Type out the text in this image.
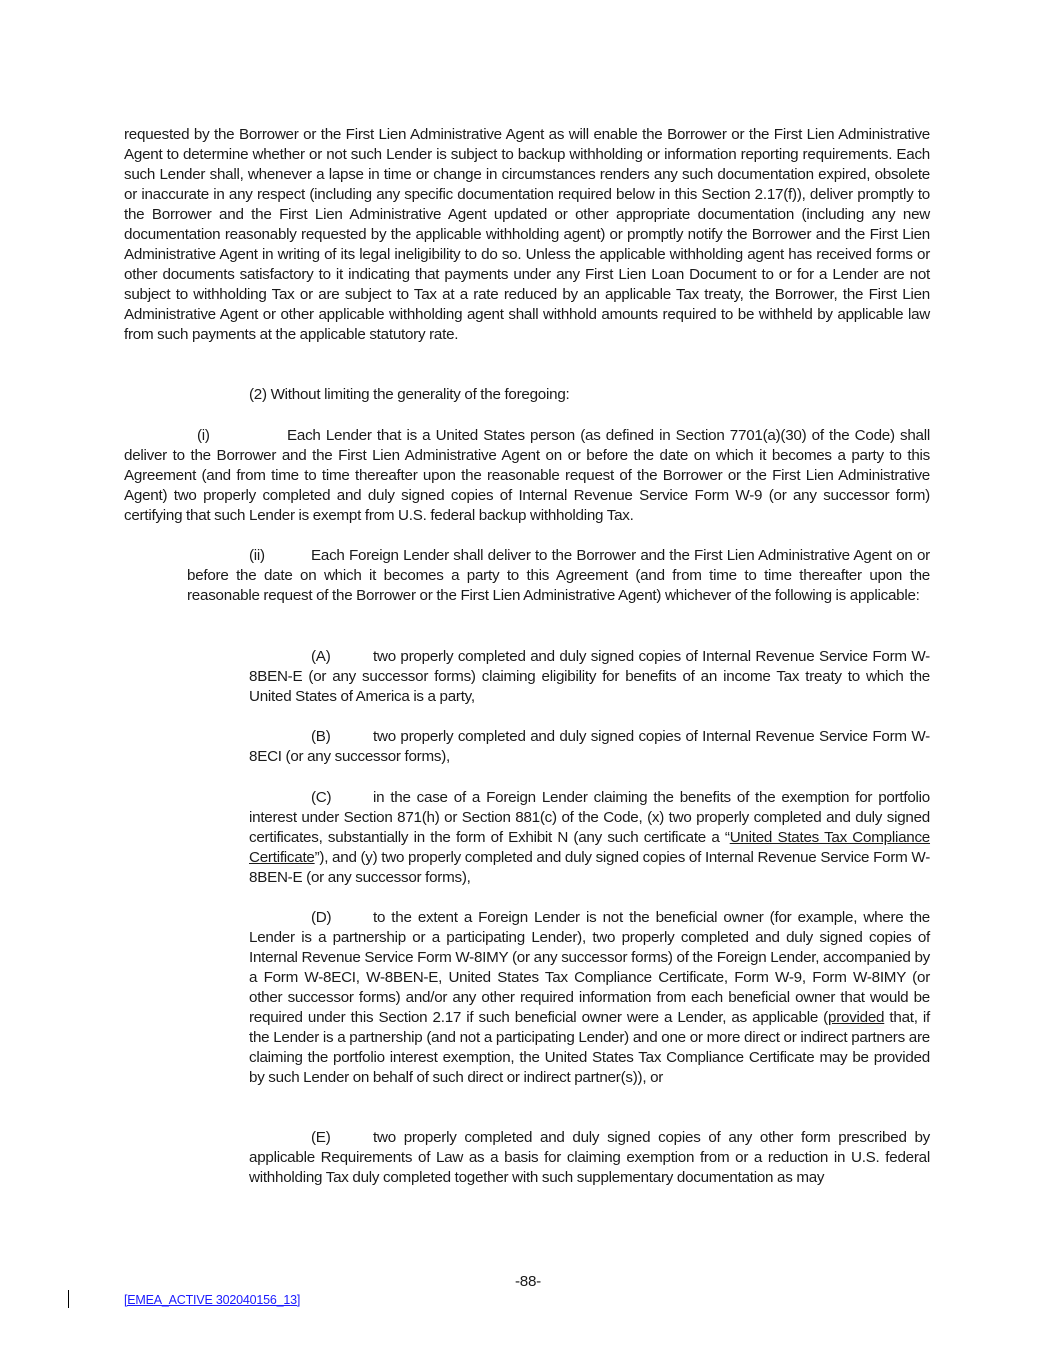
requested by the Borrower or the First Lien Administrative Agent as will enable the Borrower or the First Lien Administrative Agent to determine whether or not such Lender is subject to backup withholding or information reporting requirements. Each such Lender shall, whenever a lapse in time or change in circumstances renders any such documentation expired, obsolete or inaccurate in any respect (including any specific documentation required below in this Section 2.17(f)), deliver promptly to the Borrower and the First Lien Administrative Agent updated or other appropriate documentation (including any new documentation reasonably requested by the applicable withholding agent) or promptly notify the Borrower and the First Lien Administrative Agent in writing of its legal ineligibility to do so. Unless the applicable withholding agent has received forms or other documents satisfactory to it indicating that payments under any First Lien Loan Document to or for a Lender are not subject to withholding Tax or are subject to Tax at a rate reduced by an applicable Tax treaty, the Borrower, the First Lien Administrative Agent or other applicable withholding agent shall withhold amounts required to be withheld by applicable law from such payments at the applicable statutory rate.

(2) Without limiting the generality of the foregoing:

(i)	Each Lender that is a United States person (as defined in Section 7701(a)(30) of the Code) shall deliver to the Borrower and the First Lien Administrative Agent on or before the date on which it becomes a party to this Agreement (and from time to time thereafter upon the reasonable request of the Borrower or the First Lien Administrative Agent) two properly completed and duly signed copies of Internal Revenue Service Form W-9 (or any successor form) certifying that such Lender is exempt from U.S. federal backup withholding Tax.

(ii)	Each Foreign Lender shall deliver to the Borrower and the First Lien Administrative Agent on or before the date on which it becomes a party to this Agreement (and from time to time thereafter upon the reasonable request of the Borrower or the First Lien Administrative Agent) whichever of the following is applicable:

(A)	two properly completed and duly signed copies of Internal Revenue Service Form W-8BEN-E (or any successor forms) claiming eligibility for benefits of an income Tax treaty to which the United States of America is a party,

(B)	two properly completed and duly signed copies of Internal Revenue Service Form W-8ECI (or any successor forms),

(C)	in the case of a Foreign Lender claiming the benefits of the exemption for portfolio interest under Section 871(h) or Section 881(c) of the Code, (x) two properly completed and duly signed certificates, substantially in the form of Exhibit N (any such certificate a “United States Tax Compliance Certificate”), and (y) two properly completed and duly signed copies of Internal Revenue Service Form W-8BEN-E (or any successor forms),

(D)	to the extent a Foreign Lender is not the beneficial owner (for example, where the Lender is a partnership or a participating Lender), two properly completed and duly signed copies of Internal Revenue Service Form W-8IMY (or any successor forms) of the Foreign Lender, accompanied by a Form W-8ECI, W-8BEN-E, United States Tax Compliance Certificate, Form W-9, Form W-8IMY (or other successor forms) and/or any other required information from each beneficial owner that would be required under this Section 2.17 if such beneficial owner were a Lender, as applicable (provided that, if the Lender is a partnership (and not a participating Lender) and one or more direct or indirect partners are claiming the portfolio interest exemption, the United States Tax Compliance Certificate may be provided by such Lender on behalf of such direct or indirect partner(s)), or

(E)	two properly completed and duly signed copies of any other form prescribed by applicable Requirements of Law as a basis for claiming exemption from or a reduction in U.S. federal withholding Tax duly completed together with such supplementary documentation as may

-88-
[EMEA_ACTIVE 302040156_13]
